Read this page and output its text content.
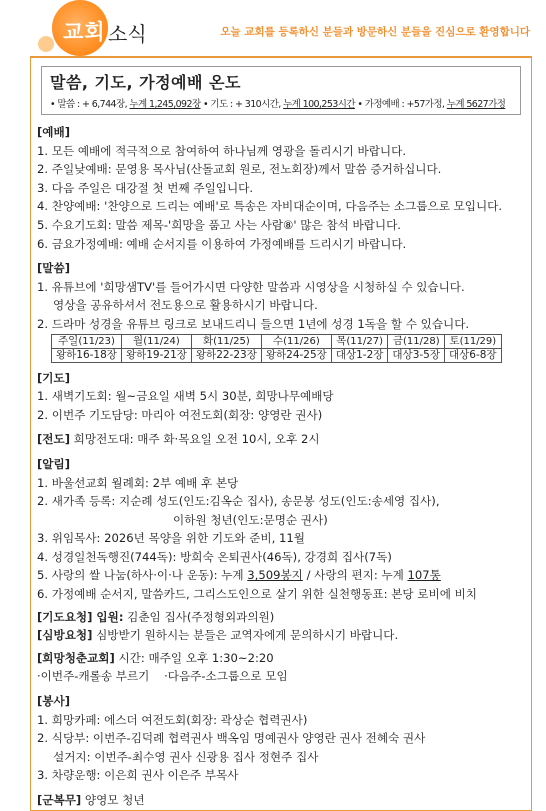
교회 소식	오늘 교회를 등록하신 분들과 방문하신 분들을 진심으로 환영합니다
말씀, 기도, 가정예배 온도
• 말씀 : + 6,744장, 누계 1,245,092장 • 기도 : + 310시간, 누계 100,253시간 • 가정예배 : +57가정, 누계 5627가정
[예배]
1. 모든 예배에 적극적으로 참여하여 하나님께 영광을 돌리시기 바랍니다.
2. 주일낮예배: 문영용 목사님(산돌교회 원로, 전노회장)께서 말씀 증거하십니다.
3. 다음 주일은 대강절 첫 번째 주일입니다.
4. 찬양예배: '찬양으로 드리는 예배'로 특송은 자비대순이며, 다음주는 소그룹으로 모입니다.
5. 수요기도회: 말씀 제목-'희망을 품고 사는 사람⑧' 많은 참석 바랍니다.
6. 금요가정예배: 예배 순서지를 이용하여 가정예배를 드리시기 바랍니다.
[말씀]
1. 유튜브에 '희망샘TV'를 들어가시면 다양한 말씀과 시영상을 시청하실 수 있습니다.
영상을 공유하셔서 전도용으로 활용하시기 바랍니다.
2. 드라마 성경을 유튜브 링크로 보내드리니 들으면 1년에 성경 1독을 할 수 있습니다.
주일(11/23)	월(11/24)	화(11/25)	수(11/26)	목(11/27)	금(11/28)	토(11/29)
왕하16-18장	왕하19-21장	왕하22-23장	왕하24-25장	대상1-2장	대상3-5장	대상6-8장
[기도]
1. 새벽기도회: 월~금요일 새벽 5시 30분, 희망나무예배당
2. 이번주 기도담당: 마리아 여전도회(회장: 양영란 권사)
[전도] 희망전도대: 매주 화·목요일 오전 10시, 오후 2시
[알림]
1. 바울선교회 월례회: 2부 예배 후 본당
2. 새가족 등록: 지순례 성도(인도:김옥순 집사), 송문봉 성도(인도:송세영 집사),
이하원 청년(인도:문명순 권사)
3. 위임목사: 2026년 목양을 위한 기도와 준비, 11월
4. 성경일천독행진(744독): 방희숙 온퇴권사(46독), 강경희 집사(7독)
5. 사랑의 쌀 나눔(하사·이·나 운동): 누계 3,509봉지 / 사랑의 편지: 누계 107통
6. 가정예배 순서지, 말씀카드, 그리스도인으로 살기 위한 실천행동표: 본당 로비에 비치
[기도요청] 입원: 김춘임 집사(주정형외과의원)
[심방요청] 심방받기 원하시는 분들은 교역자에게 문의하시기 바랍니다.
[희망청춘교회] 시간: 매주일 오후 1:30~2:20
·이번주-캐롤송 부르기    ·다음주-소그룹으로 모임
[봉사]
1. 희망카페: 에스더 여전도회(회장: 곽상순 협력권사)
2. 식당부: 이번주-김덕례 협력권사 백옥임 명예권사 양영란 권사 전혜숙 권사
설거지: 이번주-최수영 권사 신광용 집사 정현주 집사
3. 차량운행: 이은희 권사 이은주 부목사
[군복무] 양영모 청년
